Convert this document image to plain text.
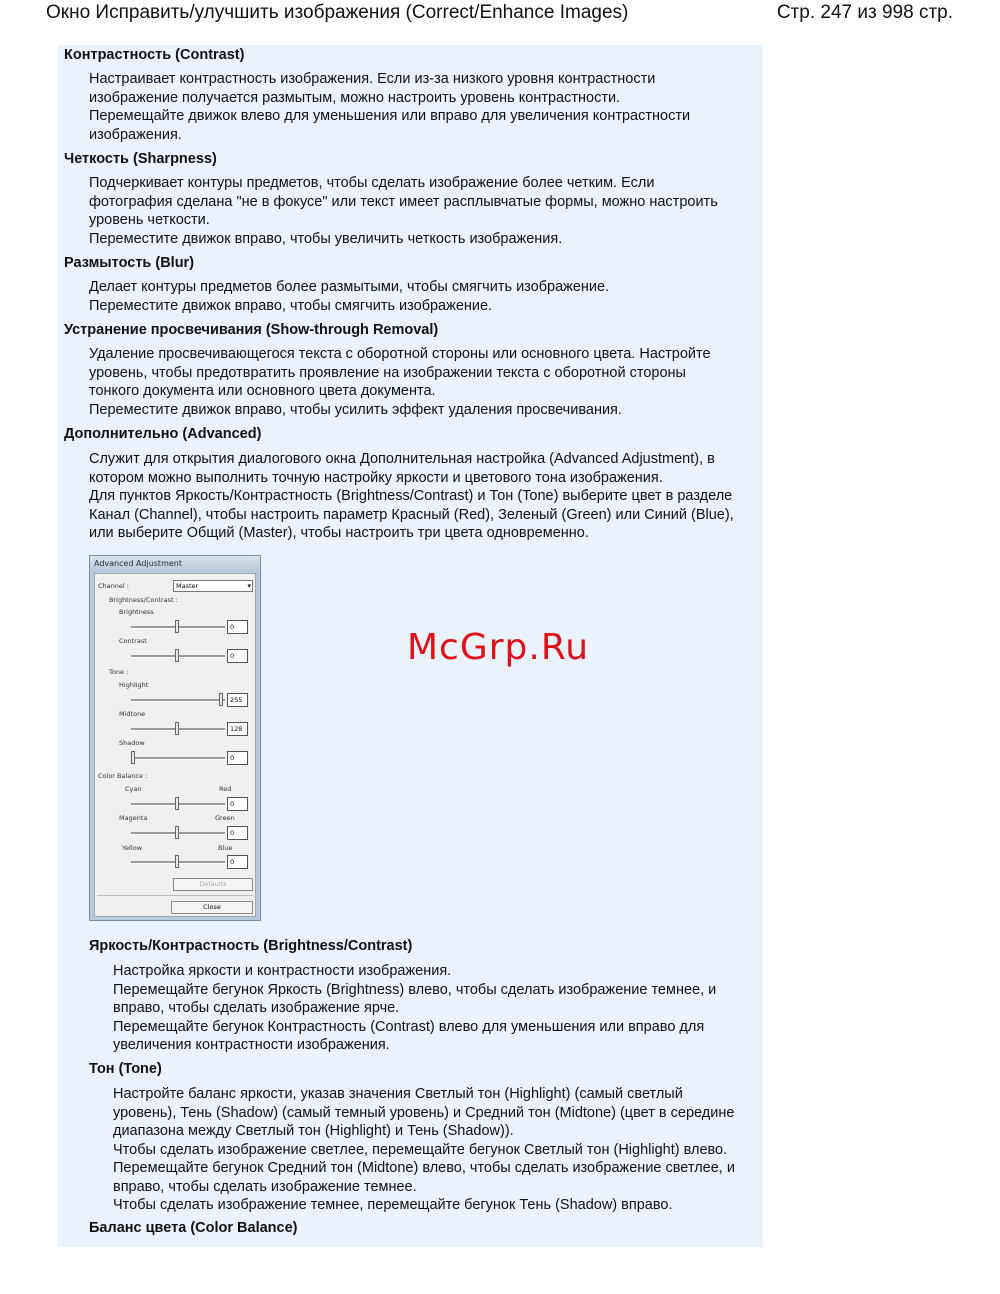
Окно Исправить/улучшить изображения (Correct/Enhance Images)	Стр. 247 из 998 стр.
Контрастность (Contrast)

Настраивает контрастность изображения. Если из-за низкого уровня контрастности

изображение получается размытым, можно настроить уровень контрастности.

Перемещайте движок влево для уменьшения или вправо для увеличения контрастности

изображения.

Четкость (Sharpness)

Подчеркивает контуры предметов, чтобы сделать изображение более четким. Если

фотография сделана "не в фокусе" или текст имеет расплывчатые формы, можно настроить

уровень четкости.

Переместите движок вправо, чтобы увеличить четкость изображения.

Размытость (Blur)

Делает контуры предметов более размытыми, чтобы смягчить изображение.

Переместите движок вправо, чтобы смягчить изображение.

Устранение просвечивания (Show-through Removal)

Удаление просвечивающегося текста с оборотной стороны или основного цвета. Настройте

уровень, чтобы предотвратить проявление на изображении текста с оборотной стороны

тонкого документа или основного цвета документа.

Переместите движок вправо, чтобы усилить эффект удаления просвечивания.

Дополнительно (Advanced)

Служит для открытия диалогового окна Дополнительная настройка (Advanced Adjustment), в

котором можно выполнить точную настройку яркости и цветового тона изображения.

Для пунктов Яркость/Контрастность (Brightness/Contrast) и Тон (Tone) выберите цвет в разделе

Канал (Channel), чтобы настроить параметр Красный (Red), Зеленый (Green) или Синий (Blue),

или выберите Общий (Master), чтобы настроить три цвета одновременно.

Advanced Adjustment
Channel :	Master	▾
Brightness/Contrast :
Brightness
0
Contrast
0
Tone :
Highlight
255
Midtone
128
Shadow
0
Color Balance :
Cyan	Red
0
Magenta	Green
0
Yellow	Blue
0
Defaults
Close
McGrp.Ru
Яркость/Контрастность (Brightness/Contrast)

Настройка яркости и контрастности изображения.

Перемещайте бегунок Яркость (Brightness) влево, чтобы сделать изображение темнее, и

вправо, чтобы сделать изображение ярче.

Перемещайте бегунок Контрастность (Contrast) влево для уменьшения или вправо для

увеличения контрастности изображения.

Тон (Tone)

Настройте баланс яркости, указав значения Светлый тон (Highlight) (самый светлый

уровень), Тень (Shadow) (самый темный уровень) и Средний тон (Midtone) (цвет в середине

диапазона между Светлый тон (Highlight) и Тень (Shadow)).

Чтобы сделать изображение светлее, перемещайте бегунок Светлый тон (Highlight) влево.

Перемещайте бегунок Средний тон (Midtone) влево, чтобы сделать изображение светлее, и

вправо, чтобы сделать изображение темнее.

Чтобы сделать изображение темнее, перемещайте бегунок Тень (Shadow) вправо.

Баланс цвета (Color Balance)
